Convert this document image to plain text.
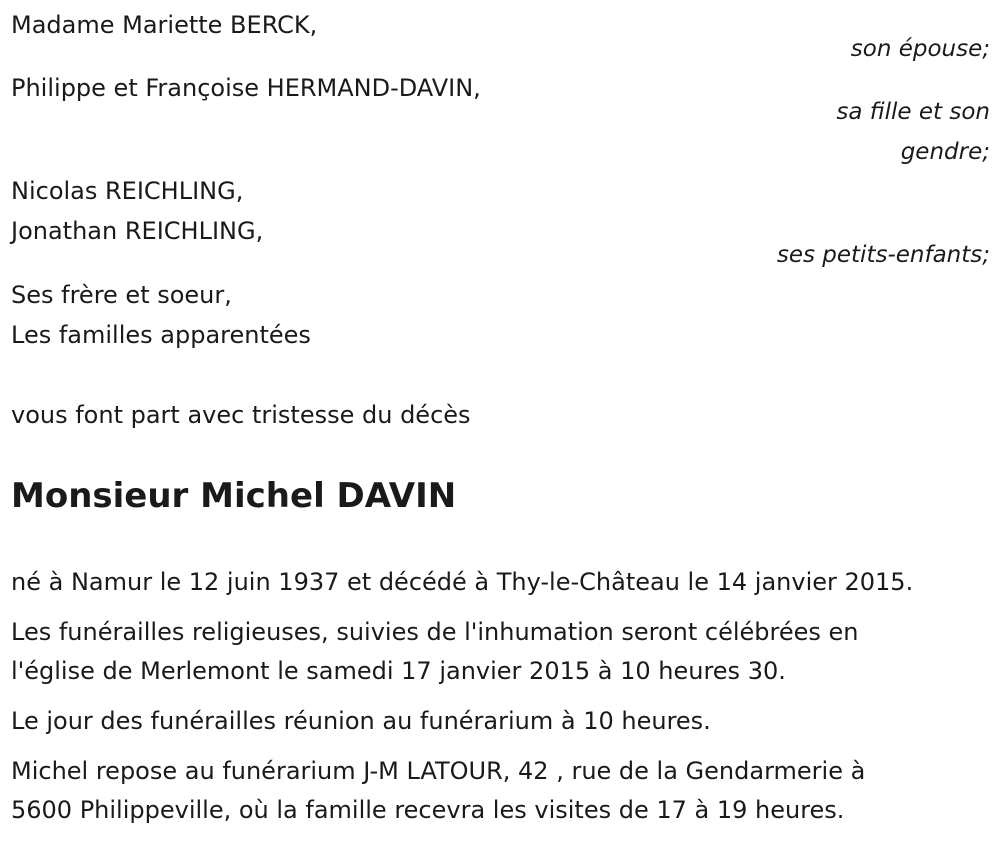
Madame Mariette BERCK,
son épouse;
Philippe et Françoise HERMAND-DAVIN,
sa fille et son
gendre;
Nicolas REICHLING,
Jonathan REICHLING,
ses petits-enfants;
Ses frère et soeur,
Les familles apparentées
vous font part avec tristesse du décès
Monsieur Michel DAVIN
né à Namur le 12 juin 1937 et décédé à Thy-le-Château le 14 janvier 2015.
Les funérailles religieuses, suivies de l'inhumation seront célébrées en
l'église de Merlemont le samedi 17 janvier 2015 à 10 heures 30.
Le jour des funérailles réunion au funérarium à 10 heures.
Michel repose au funérarium J-M LATOUR, 42 , rue de la Gendarmerie à
5600 Philippeville, où la famille recevra les visites de 17 à 19 heures.
